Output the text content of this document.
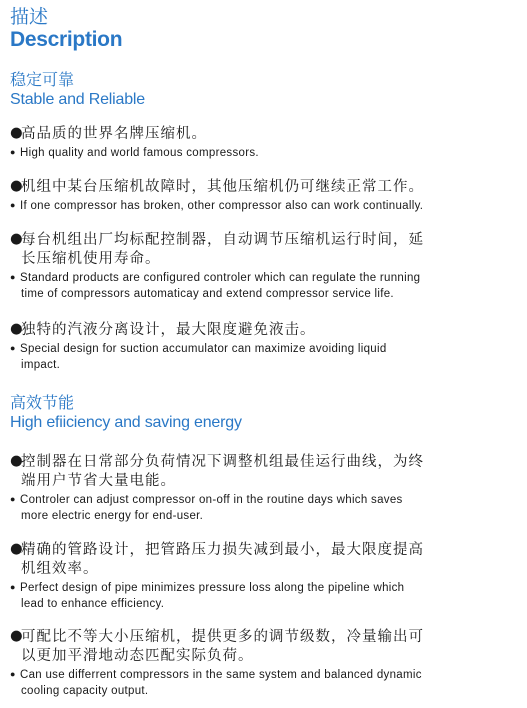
描述
Description
稳定可靠
Stable and Reliable
●高品质的世界名牌压缩机。
● High quality and world famous compressors.
●机组中某台压缩机故障时，其他压缩机仍可继续正常工作。
● If one compressor has broken, other compressor also can work continually.
●每台机组出厂均标配控制器，自动调节压缩机运行时间，延
长压缩机使用寿命。
● Standard products are configured controler which can regulate the running
time of compressors automaticay and extend compressor service life.
●独特的汽液分离设计，最大限度避免液击。
● Special design for suction accumulator can maximize avoiding liquid
impact.
高效节能
High efiiciency and saving energy
●控制器在日常部分负荷情况下调整机组最佳运行曲线，为终
端用户节省大量电能。
● Controler can adjust compressor on-off in the routine days which saves
more electric energy for end-user.
●精确的管路设计，把管路压力损失减到最小，最大限度提高
机组效率。
● Perfect design of pipe minimizes pressure loss along the pipeline which
lead to enhance efficiency.
●可配比不等大小压缩机，提供更多的调节级数，冷量输出可
以更加平滑地动态匹配实际负荷。
● Can use differrent compressors in the same system and balanced dynamic
cooling capacity output.
